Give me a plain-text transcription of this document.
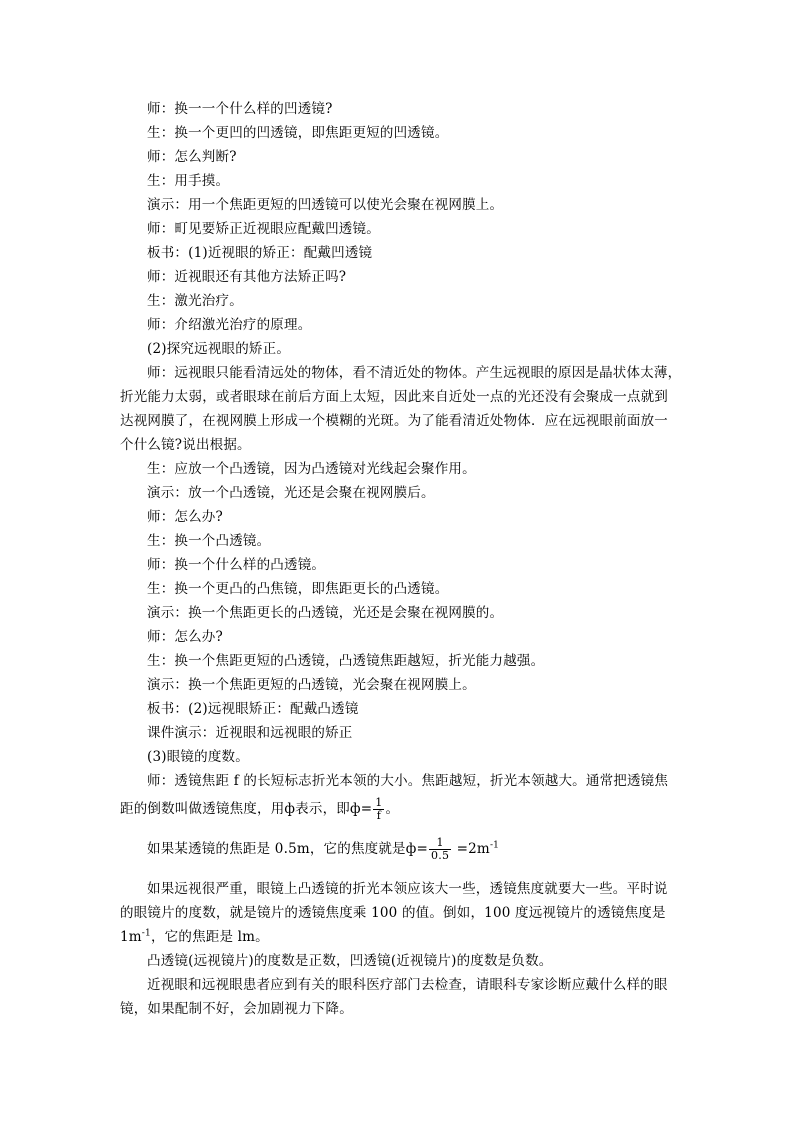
师：换一一个什么样的凹透镜?
生：换一个更凹的凹透镜，即焦距更短的凹透镜。
师：怎么判断?
生：用手摸。
演示：用一个焦距更短的凹透镜可以使光会聚在视网膜上。
师：町见要矫正近视眼应配戴凹透镜。
板书：(1)近视眼的矫正：配戴凹透镜
师：近视眼还有其他方法矫正吗?
生：激光治疗。
师：介绍激光治疗的原理。
(2)探究远视眼的矫正。
师：远视眼只能看清远处的物体，看不清近处的物体。产生远视眼的原因是晶状体太薄，
折光能力太弱，或者眼球在前后方面上太短，因此来自近处一点的光还没有会聚成一点就到
达视网膜了，在视网膜上形成一个模糊的光斑。为了能看清近处物体．应在远视眼前面放一
个什么镜?说出根据。
生：应放一个凸透镜，因为凸透镜对光线起会聚作用。
演示：放一个凸透镜，光还是会聚在视网膜后。
师：怎么办?
生：换一个凸透镜。
师：换一个什么样的凸透镜。
生：换一个更凸的凸焦镜，即焦距更长的凸透镜。
演示：换一个焦距更长的凸透镜，光还是会聚在视网膜的。
师：怎么办?
生：换一个焦距更短的凸透镜，凸透镜焦距越短，折光能力越强。
演示：换一个焦距更短的凸透镜，光会聚在视网膜上。
板书：(2)远视眼矫正：配戴凸透镜
课件演示：近视眼和远视眼的矫正
(3)眼镜的度数。
师：透镜焦距 f 的长短标志折光本领的大小。焦距越短，折光本领越大。通常把透镜焦
距的倒数叫做透镜焦度，用ф表示，即$ф= \frac{1}{f}$ 。
如果某透镜的焦距是 0.5m，它的焦度就是$ф= \frac{1}{0.5} =2m^{-1}$
如果远视很严重，眼镜上凸透镜的折光本领应该大一些，透镜焦度就要大一些。平时说
的眼镜片的度数，就是镜片的透镜焦度乘 100 的值。倒如，100 度远视镜片的透镜焦度是
$1m^{-1}$，它的焦距是 lm。
凸透镜(远视镜片)的度数是正数，凹透镜(近视镜片)的度数是负数。
近视眼和远视眼患者应到有关的眼科医疗部门去检查，请眼科专家诊断应戴什么样的眼
镜，如果配制不好，会加剧视力下降。
